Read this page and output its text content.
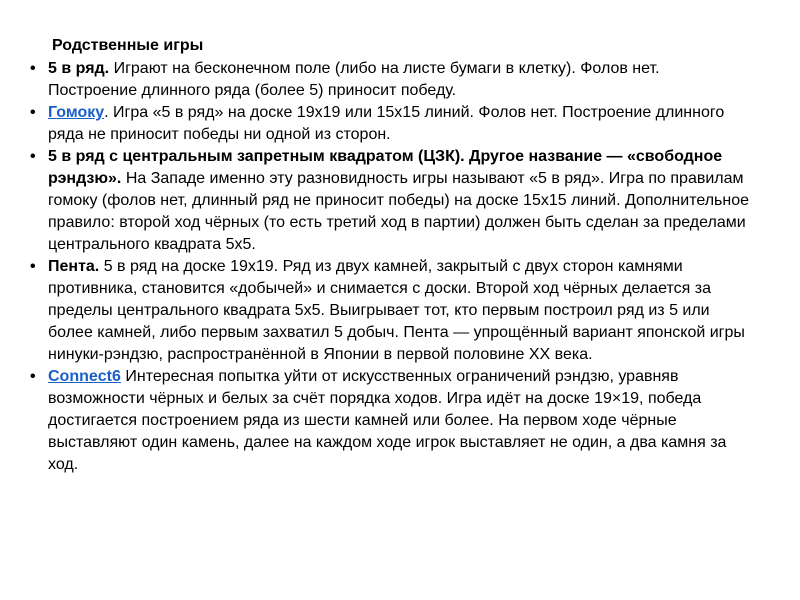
Родственные игры

• 5 в ряд. Играют на бесконечном поле (либо на листе бумаги в клетку). Фолов нет. Построение длинного ряда (более 5) приносит победу.

• Гомоку. Игра «5 в ряд» на доске 19x19 или 15x15 линий. Фолов нет. Построение длинного ряда не приносит победы ни одной из сторон.

• 5 в ряд с центральным запретным квадратом (ЦЗК). Другое название — «свободное рэндзю». На Западе именно эту разновидность игры называют «5 в ряд». Игра по правилам гомоку (фолов нет, длинный ряд не приносит победы) на доске 15x15 линий. Дополнительное правило: второй ход чёрных (то есть третий ход в партии) должен быть сделан за пределами центрального квадрата 5x5.

• Пента. 5 в ряд на доске 19x19. Ряд из двух камней, закрытый с двух сторон камнями противника, становится «добычей» и снимается с доски. Второй ход чёрных делается за пределы центрального квадрата 5x5. Выигрывает тот, кто первым построил ряд из 5 или более камней, либо первым захватил 5 добыч. Пента — упрощённый вариант японской игры нинуки-рэндзю, распространённой в Японии в первой половине XX века.

• Connect6 Интересная попытка уйти от искусственных ограничений рэндзю, уравняв возможности чёрных и белых за счёт порядка ходов. Игра идёт на доске 19×19, победа достигается построением ряда из шести камней или более. На первом ходе чёрные выставляют один камень, далее на каждом ходе игрок выставляет не один, а два камня за ход.
